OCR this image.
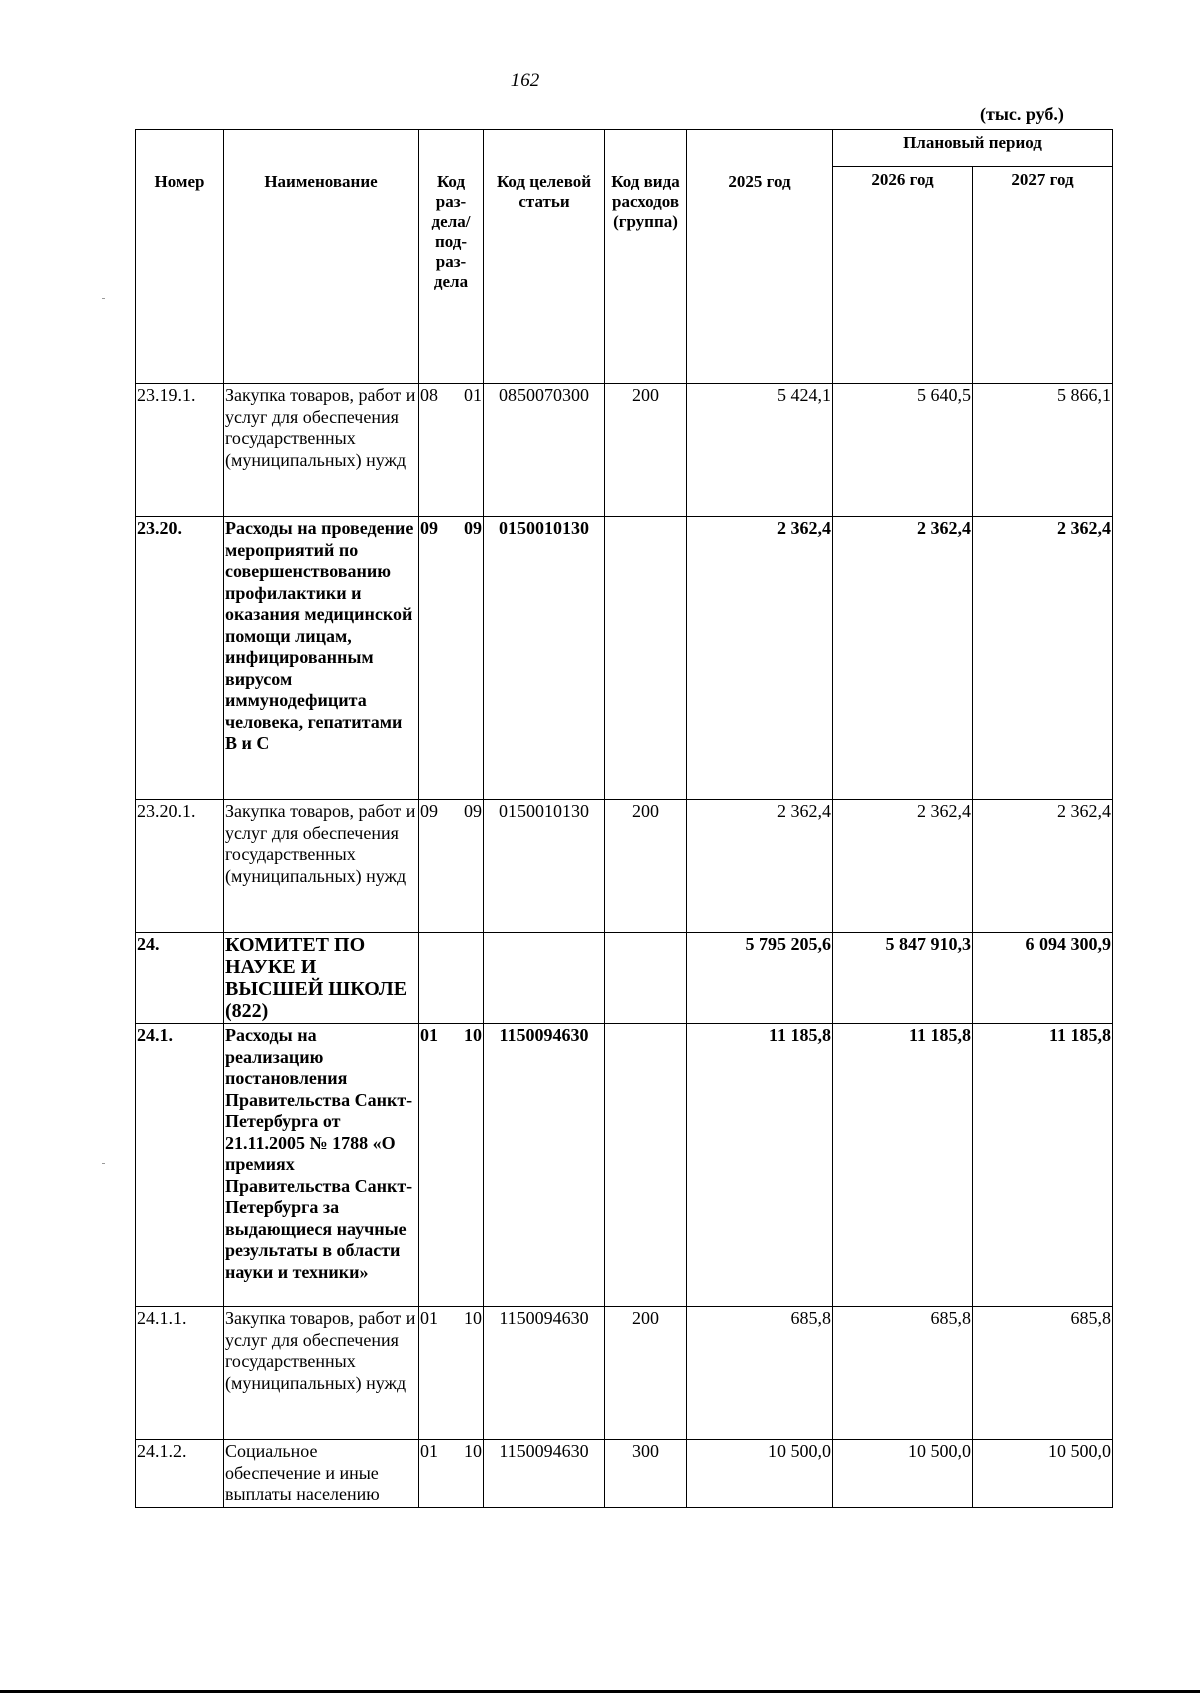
162
(тыс. руб.)
Номер	Наименование	Код раз-дела/ под-раз-дела	Код целевой статьи	Код вида расходов (группа)	2025 год	Плановый период	
						2026 год	2027 год
23.19.1.	Закупка товаров, работ и услуг для обеспечения государственных (муниципальных) нужд	08 01	0850070300	200	5 424,1	5 640,5	5 866,1
23.20.	Расходы на проведение мероприятий по совершенствованию профилактики и оказания медицинской помощи лицам, инфицированным вирусом иммунодефицита человека, гепатитами В и С	09 09	0150010130		2 362,4	2 362,4	2 362,4
23.20.1.	Закупка товаров, работ и услуг для обеспечения государственных (муниципальных) нужд	09 09	0150010130	200	2 362,4	2 362,4	2 362,4
24.	КОМИТЕТ ПО НАУКЕ И ВЫСШЕЙ ШКОЛЕ (822)				5 795 205,6	5 847 910,3	6 094 300,9
24.1.	Расходы на реализацию постановления Правительства Санкт-Петербурга от 21.11.2005 № 1788 «О премиях Правительства Санкт-Петербурга за выдающиеся научные результаты в области науки и техники»	01 10	1150094630		11 185,8	11 185,8	11 185,8
24.1.1.	Закупка товаров, работ и услуг для обеспечения государственных (муниципальных) нужд	01 10	1150094630	200	685,8	685,8	685,8
24.1.2.	Социальное обеспечение и иные выплаты населению	01 10	1150094630	300	10 500,0	10 500,0	10 500,0
